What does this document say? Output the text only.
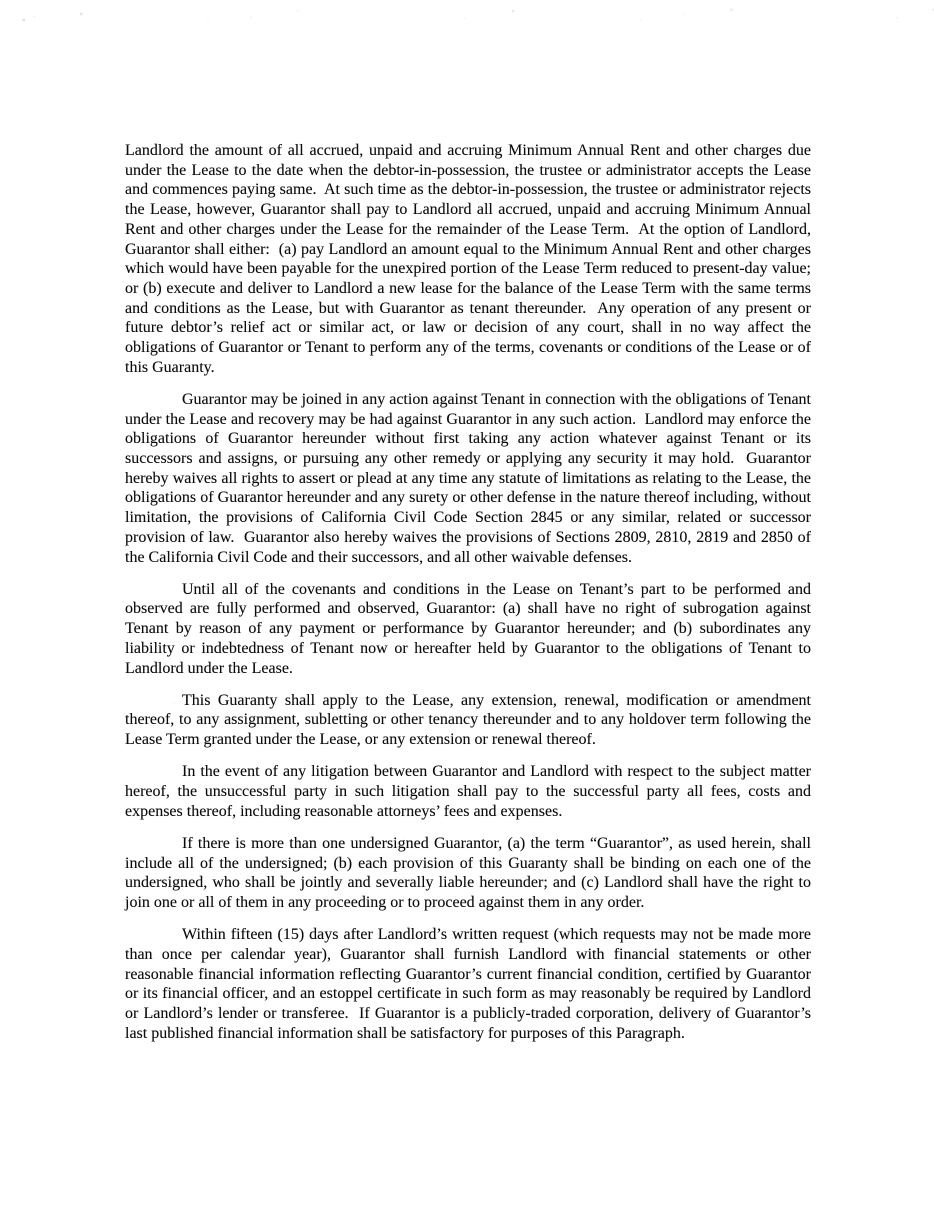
Landlord the amount of all accrued, unpaid and accruing Minimum Annual Rent and other charges due under the Lease to the date when the debtor-in-possession, the trustee or administrator accepts the Lease and commences paying same.  At such time as the debtor-in-possession, the trustee or administrator rejects the Lease, however, Guarantor shall pay to Landlord all accrued, unpaid and accruing Minimum Annual Rent and other charges under the Lease for the remainder of the Lease Term.  At the option of Landlord, Guarantor shall either:  (a) pay Landlord an amount equal to the Minimum Annual Rent and other charges which would have been payable for the unexpired portion of the Lease Term reduced to present-day value; or (b) execute and deliver to Landlord a new lease for the balance of the Lease Term with the same terms and conditions as the Lease, but with Guarantor as tenant thereunder.  Any operation of any present or future debtor’s relief act or similar act, or law or decision of any court, shall in no way affect the obligations of Guarantor or Tenant to perform any of the terms, covenants or conditions of the Lease or of this Guaranty.

Guarantor may be joined in any action against Tenant in connection with the obligations of Tenant under the Lease and recovery may be had against Guarantor in any such action.  Landlord may enforce the obligations of Guarantor hereunder without first taking any action whatever against Tenant or its successors and assigns, or pursuing any other remedy or applying any security it may hold.  Guarantor hereby waives all rights to assert or plead at any time any statute of limitations as relating to the Lease, the obligations of Guarantor hereunder and any surety or other defense in the nature thereof including, without limitation, the provisions of California Civil Code Section 2845 or any similar, related or successor provision of law.  Guarantor also hereby waives the provisions of Sections 2809, 2810, 2819 and 2850 of the California Civil Code and their successors, and all other waivable defenses.

Until all of the covenants and conditions in the Lease on Tenant’s part to be performed and observed are fully performed and observed, Guarantor: (a) shall have no right of subrogation against Tenant by reason of any payment or performance by Guarantor hereunder; and (b) subordinates any liability or indebtedness of Tenant now or hereafter held by Guarantor to the obligations of Tenant to Landlord under the Lease.

This Guaranty shall apply to the Lease, any extension, renewal, modification or amendment thereof, to any assignment, subletting or other tenancy thereunder and to any holdover term following the Lease Term granted under the Lease, or any extension or renewal thereof.

In the event of any litigation between Guarantor and Landlord with respect to the subject matter hereof, the unsuccessful party in such litigation shall pay to the successful party all fees, costs and expenses thereof, including reasonable attorneys’ fees and expenses.

If there is more than one undersigned Guarantor, (a) the term “Guarantor”, as used herein, shall include all of the undersigned; (b) each provision of this Guaranty shall be binding on each one of the undersigned, who shall be jointly and severally liable hereunder; and (c) Landlord shall have the right to join one or all of them in any proceeding or to proceed against them in any order.

Within fifteen (15) days after Landlord’s written request (which requests may not be made more than once per calendar year), Guarantor shall furnish Landlord with financial statements or other reasonable financial information reflecting Guarantor’s current financial condition, certified by Guarantor or its financial officer, and an estoppel certificate in such form as may reasonably be required by Landlord or Landlord’s lender or transferee.  If Guarantor is a publicly-traded corporation, delivery of Guarantor’s last published financial information shall be satisfactory for purposes of this Paragraph.
